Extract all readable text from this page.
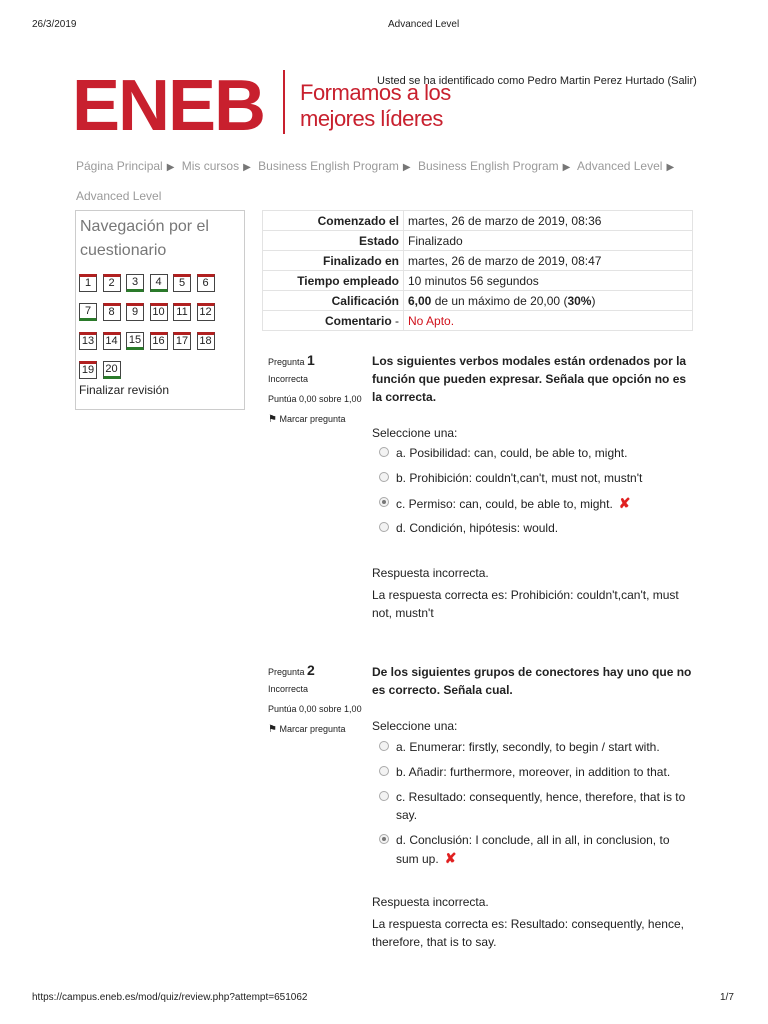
26/3/2019	Advanced Level
ENEB Formamos a los
mejores líderes
Usted se ha identificado como Pedro Martin Perez Hurtado (Salir)
Página Principal ▶ Mis cursos ▶ Business English Program ▶ Business English Program ▶ Advanced Level ▶
Advanced Level
Navegación por el
cuestionario
1	2	3	4	5	6
7	8	9	10 11 12
13 14 15 16 17 18
19 20
Finalizar revisión
Comenzado el	martes, 26 de marzo de 2019, 08:36
Estado	Finalizado
Finalizado en	martes, 26 de marzo de 2019, 08:47
Tiempo empleado	10 minutos 56 segundos
Calificación	6,00 de un máximo de 20,00 (30%)
Comentario -	No Apto.
Pregunta 1
Incorrecta
Puntúa 0,00 sobre 1,00
⚑ Marcar pregunta
Los siguientes verbos modales están ordenados por la función que pueden expresar. Señala que opción no es la correcta.
Seleccione una:
a. Posibilidad: can, could, be able to, might.
b. Prohibición: couldn't,can't, must not, mustn't
c. Permiso: can, could, be able to, might. ✘
d. Condición, hipótesis: would.
Respuesta incorrecta.
La respuesta correcta es: Prohibición: couldn't,can't, must not, mustn't
Pregunta 2
Incorrecta
Puntúa 0,00 sobre 1,00
⚑ Marcar pregunta
De los siguientes grupos de conectores hay uno que no es correcto. Señala cual.
Seleccione una:
a. Enumerar: firstly, secondly, to begin / start with.
b. Añadir: furthermore, moreover, in addition to that.
c. Resultado: consequently, hence, therefore, that is to say.
d. Conclusión: I conclude, all in all, in conclusion, to sum up. ✘
Respuesta incorrecta.
La respuesta correcta es: Resultado: consequently, hence, therefore, that is to say.
https://campus.eneb.es/mod/quiz/review.php?attempt=651062	1/7
